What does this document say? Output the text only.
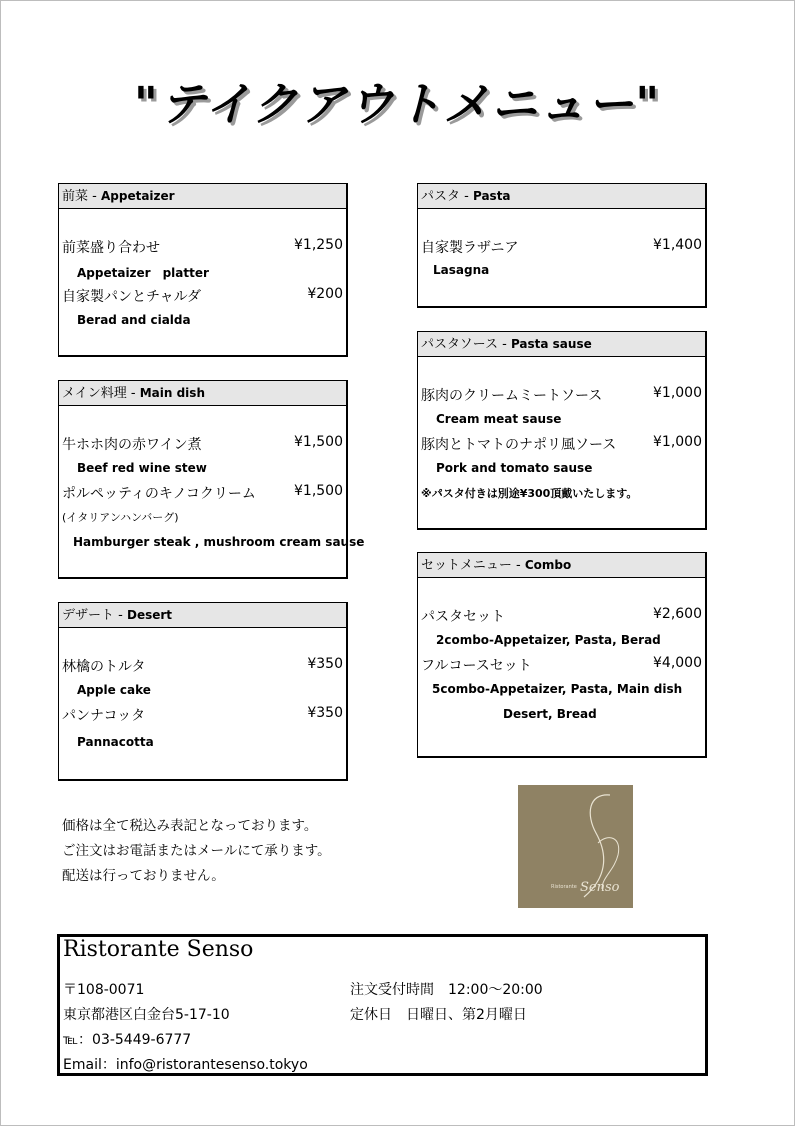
"テイクアウトメニュー"
前菜 - Appetaizer
前菜盛り合わせ	¥1,250
Appetaizer　platter
自家製パンとチャルダ	¥200
Berad and cialda
メイン料理 - Main dish
牛ホホ肉の赤ワイン煮	¥1,500
Beef red wine stew
ポルペッティのキノコクリーム	¥1,500
(イタリアンハンバーグ)
Hamburger steak , mushroom cream sause
デザート - Desert
林檎のトルタ	¥350
Apple cake
パンナコッタ	¥350
Pannacotta
パスタ - Pasta
自家製ラザニア	¥1,400
Lasagna
パスタソース - Pasta sause
豚肉のクリームミートソース	¥1,000
Cream meat sause
豚肉とトマトのナポリ風ソース	¥1,000
Pork and tomato sause
※パスタ付きは別途¥300頂戴いたします。
セットメニュー - Combo
パスタセット	¥2,600
2combo-Appetaizer, Pasta, Berad
フルコースセット	¥4,000
5combo-Appetaizer, Pasta, Main dish
Desert, Bread
価格は全て税込み表記となっております。
ご注文はお電話またはメールにて承ります。
配送は行っておりません。
Ristorante Senso
Ristorante Senso
〒108-0071
東京都港区白金台5-17-10
℡：03-5449-6777
Email：info@ristorantesenso.tokyo
注文受付時間　12:00～20:00
定休日　日曜日、第2月曜日
